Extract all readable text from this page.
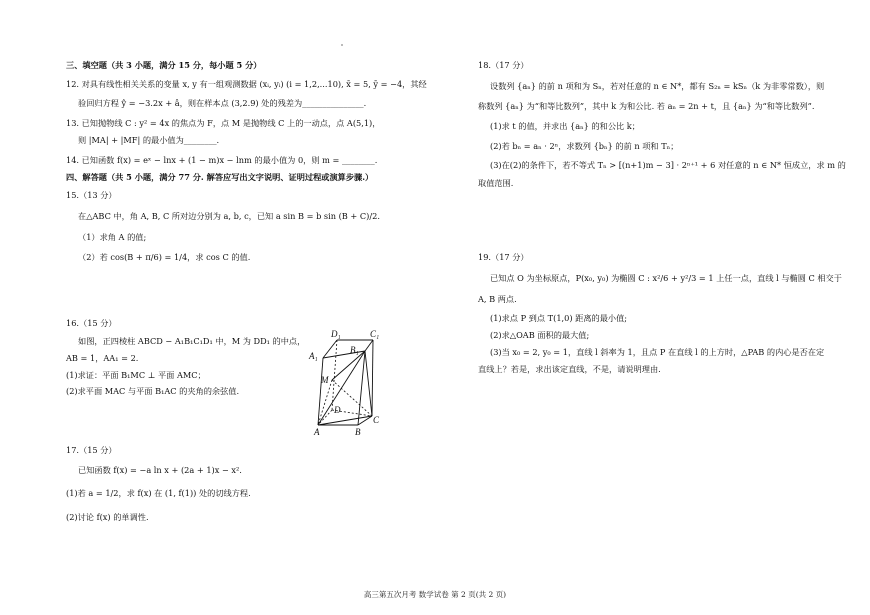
三、填空题（共 3 小题，满分 15 分，每小题 5 分）
12. 对具有线性相关关系的变量 x, y 有一组观测数据 (xᵢ, yᵢ) (i = 1,2,...10), x̄ = 5, ȳ = −4，其经
验回归方程 ŷ = −3.2x + â，则在样本点 (3,2.9) 处的残差为_______________.
13. 已知抛物线 C : y² = 4x 的焦点为 F，点 M 是抛物线 C 上的一动点，点 A(5,1)，
则 |MA| + |MF| 的最小值为________.
14. 已知函数 f(x) = eˣ − lnx + (1 − m)x − lnm 的最小值为 0，则 m = ________.
四、解答题（共 5 小题，满分 77 分. 解答应写出文字说明、证明过程或演算步骤.）
15.（13 分）
在△ABC 中，角 A, B, C 所对边分别为 a, b, c，已知 a sin B = b sin (B + C)/2.
（1）求角 A 的值;
（2）若 cos(B + π/6) = 1/4，求 cos C 的值.
16.（15 分）
如图，正四棱柱 ABCD − A₁B₁C₁D₁ 中，M 为 DD₁ 的中点，
AB = 1，AA₁ = 2.
(1)求证：平面 B₁MC ⊥ 平面 AMC；
(2)求平面 MAC 与平面 B₁AC 的夹角的余弦值.
17.（15 分）
已知函数 f(x) = −a ln x + (2a + 1)x − x².
(1)若 a = 1/2，求 f(x) 在 (1, f(1)) 处的切线方程.
(2)讨论 f(x) 的单调性.
D₁	C₁
A₁
B₁
M
D
A	B
C
18.（17 分）
设数列 {aₙ} 的前 n 项和为 Sₙ，若对任意的 n ∈ N*，都有 S₂ₙ = kSₙ（k 为非零常数），则
称数列 {aₙ} 为“和等比数列”，其中 k 为和公比. 若 aₙ = 2n + t，且 {aₙ} 为“和等比数列”.
(1)求 t 的值，并求出 {aₙ} 的和公比 k；
(2)若 bₙ = aₙ · 2ⁿ，求数列 {bₙ} 的前 n 项和 Tₙ；
(3)在(2)的条件下，若不等式 Tₙ > [(n+1)m − 3] · 2ⁿ⁺¹ + 6 对任意的 n ∈ N* 恒成立，求 m 的
取值范围.
19.（17 分）
已知点 O 为坐标原点，P(x₀, y₀) 为椭圆 C : x²/6 + y²/3 = 1 上任一点，直线 l 与椭圆 C 相交于
A, B 两点.
(1)求点 P 到点 T(1,0) 距离的最小值;
(2)求△OAB 面积的最大值;
(3)当 x₀ = 2, y₀ = 1，直线 l 斜率为 1，且点 P 在直线 l 的上方时，△PAB 的内心是否在定
直线上？若是，求出该定直线，不是，请说明理由.
高三第五次月考 数学试卷 第 2 页(共 2 页)
